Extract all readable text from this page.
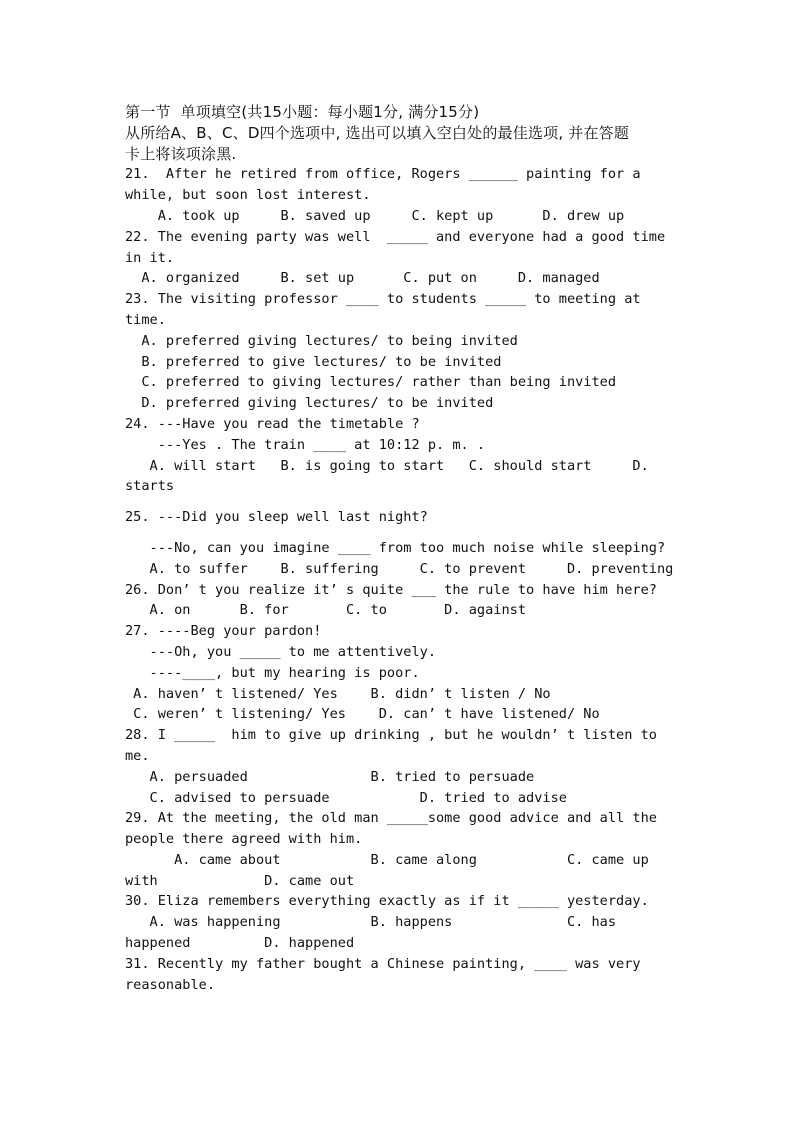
第一节  单项填空(共15小题：每小题1分, 满分15分)
从所给A、B、C、D四个选项中, 选出可以填入空白处的最佳选项, 并在答题
卡上将该项涂黑.
21.  After he retired from office, Rogers ______ painting for a
while, but soon lost interest.
A. took up     B. saved up     C. kept up      D. drew up
22. The evening party was well  _____ and everyone had a good time
in it.
A. organized     B. set up      C. put on     D. managed
23. The visiting professor ____ to students _____ to meeting at
time.
A. preferred giving lectures/ to being invited
B. preferred to give lectures/ to be invited
C. preferred to giving lectures/ rather than being invited
D. preferred giving lectures/ to be invited
24. ---Have you read the timetable ?
---Yes . The train ____ at 10:12 p. m. .
A. will start   B. is going to start   C. should start     D.
starts
25. ---Did you sleep well last night?
---No, can you imagine ____ from too much noise while sleeping?
A. to suffer    B. suffering     C. to prevent     D. preventing
26. Don’ t you realize it’ s quite ___ the rule to have him here?
A. on      B. for       C. to       D. against
27. ----Beg your pardon!
---Oh, you _____ to me attentively.
----____, but my hearing is poor.
A. haven’ t listened/ Yes    B. didn’ t listen / No
C. weren’ t listening/ Yes    D. can’ t have listened/ No
28. I _____  him to give up drinking , but he wouldn’ t listen to
me.
A. persuaded               B. tried to persuade
C. advised to persuade           D. tried to advise
29. At the meeting, the old man _____some good advice and all the
people there agreed with him.
A. came about           B. came along           C. came up
with             D. came out
30. Eliza remembers everything exactly as if it _____ yesterday.
A. was happening           B. happens              C. has
happened         D. happened
31. Recently my father bought a Chinese painting, ____ was very
reasonable.
